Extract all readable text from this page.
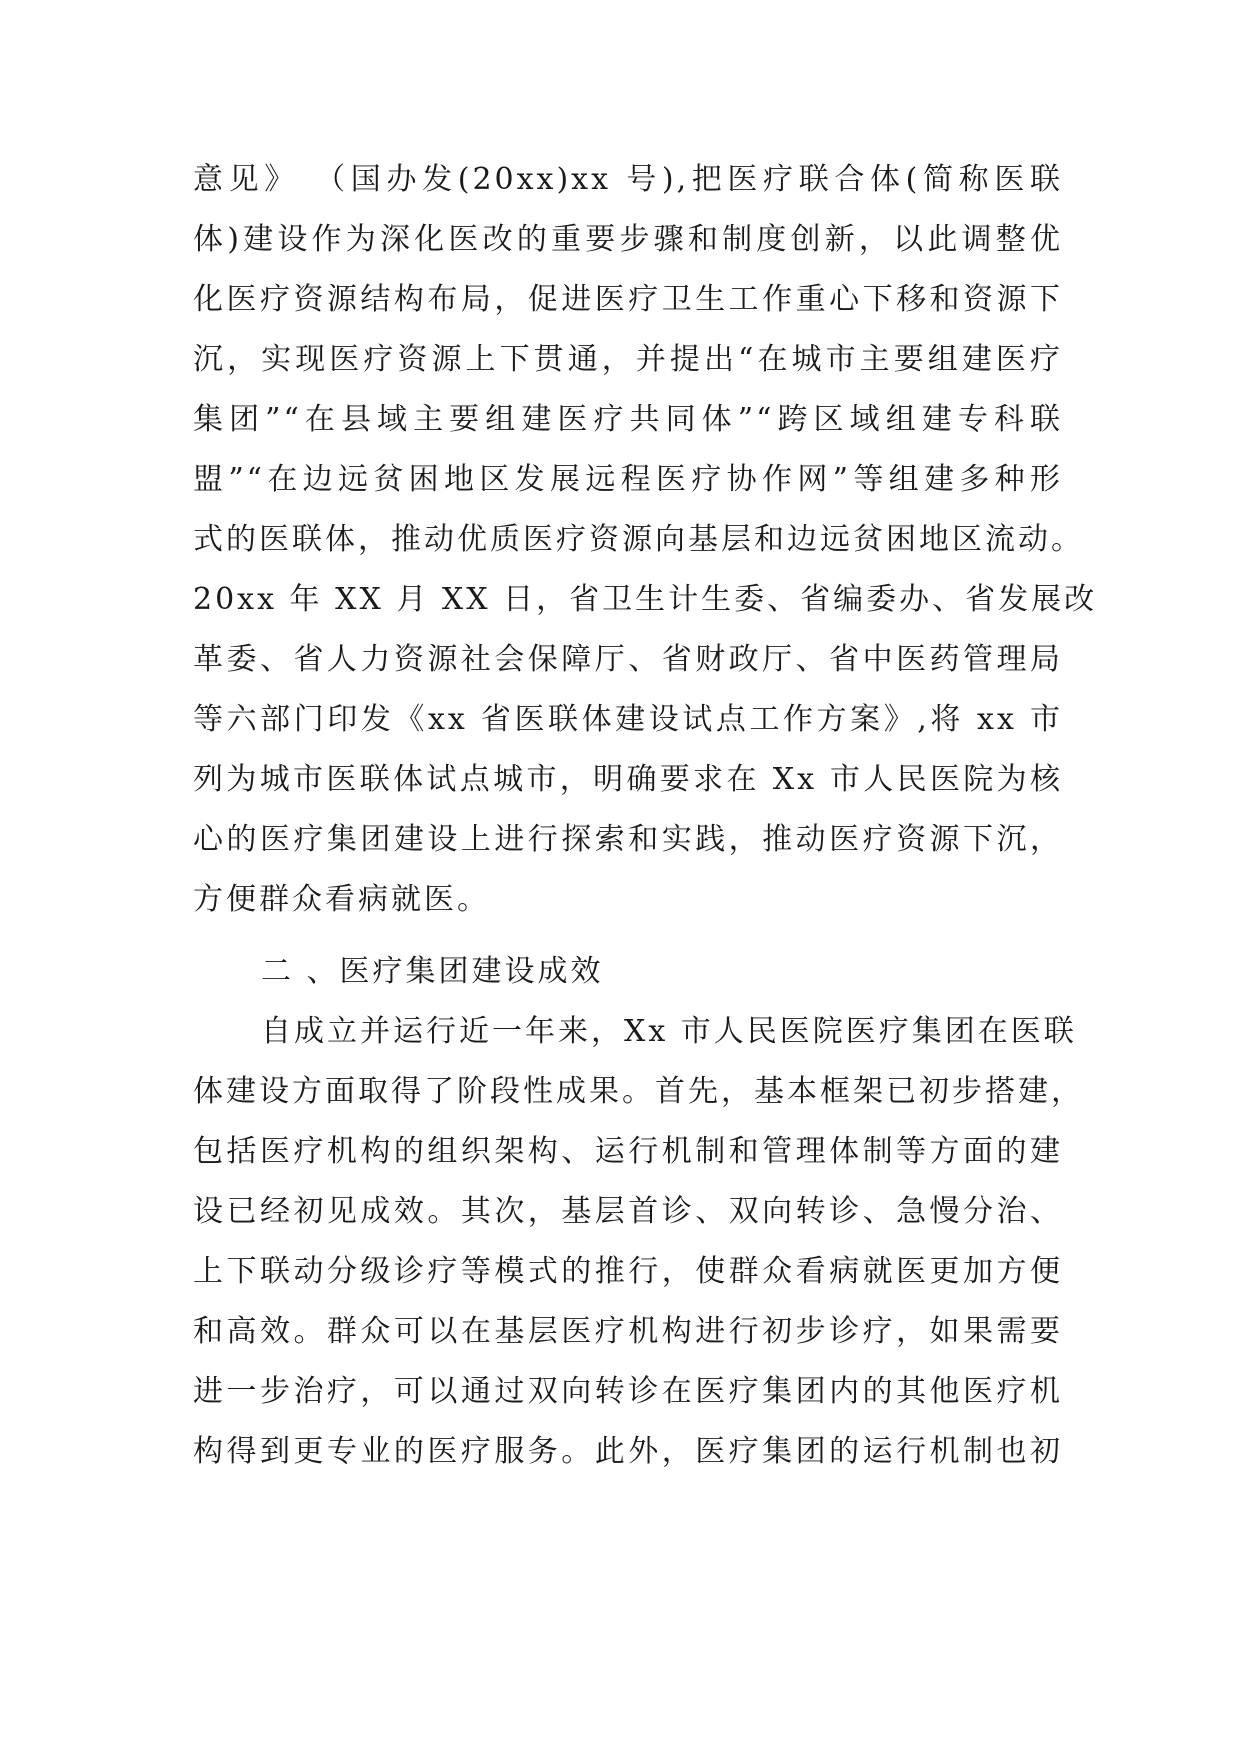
意见》 （国办发(20xx)xx 号),把医疗联合体(简称医联
体)建设作为深化医改的重要步骤和制度创新，以此调整优
化医疗资源结构布局，促进医疗卫生工作重心下移和资源下
沉，实现医疗资源上下贯通，并提出“在城市主要组建医疗
集团”“在县域主要组建医疗共同体”“跨区域组建专科联
盟”“在边远贫困地区发展远程医疗协作网”等组建多种形
式的医联体，推动优质医疗资源向基层和边远贫困地区流动。
20xx 年 XX 月 XX 日，省卫生计生委、省编委办、省发展改
革委、省人力资源社会保障厅、省财政厅、省中医药管理局
等六部门印发《xx 省医联体建设试点工作方案》,将 xx 市
列为城市医联体试点城市，明确要求在 Xx 市人民医院为核
心的医疗集团建设上进行探索和实践，推动医疗资源下沉，
方便群众看病就医。
二 、医疗集团建设成效
自成立并运行近一年来，Xx 市人民医院医疗集团在医联
体建设方面取得了阶段性成果。首先，基本框架已初步搭建，
包括医疗机构的组织架构、运行机制和管理体制等方面的建
设已经初见成效。其次，基层首诊、双向转诊、急慢分治、
上下联动分级诊疗等模式的推行，使群众看病就医更加方便
和高效。群众可以在基层医疗机构进行初步诊疗，如果需要
进一步治疗，可以通过双向转诊在医疗集团内的其他医疗机
构得到更专业的医疗服务。此外，医疗集团的运行机制也初
